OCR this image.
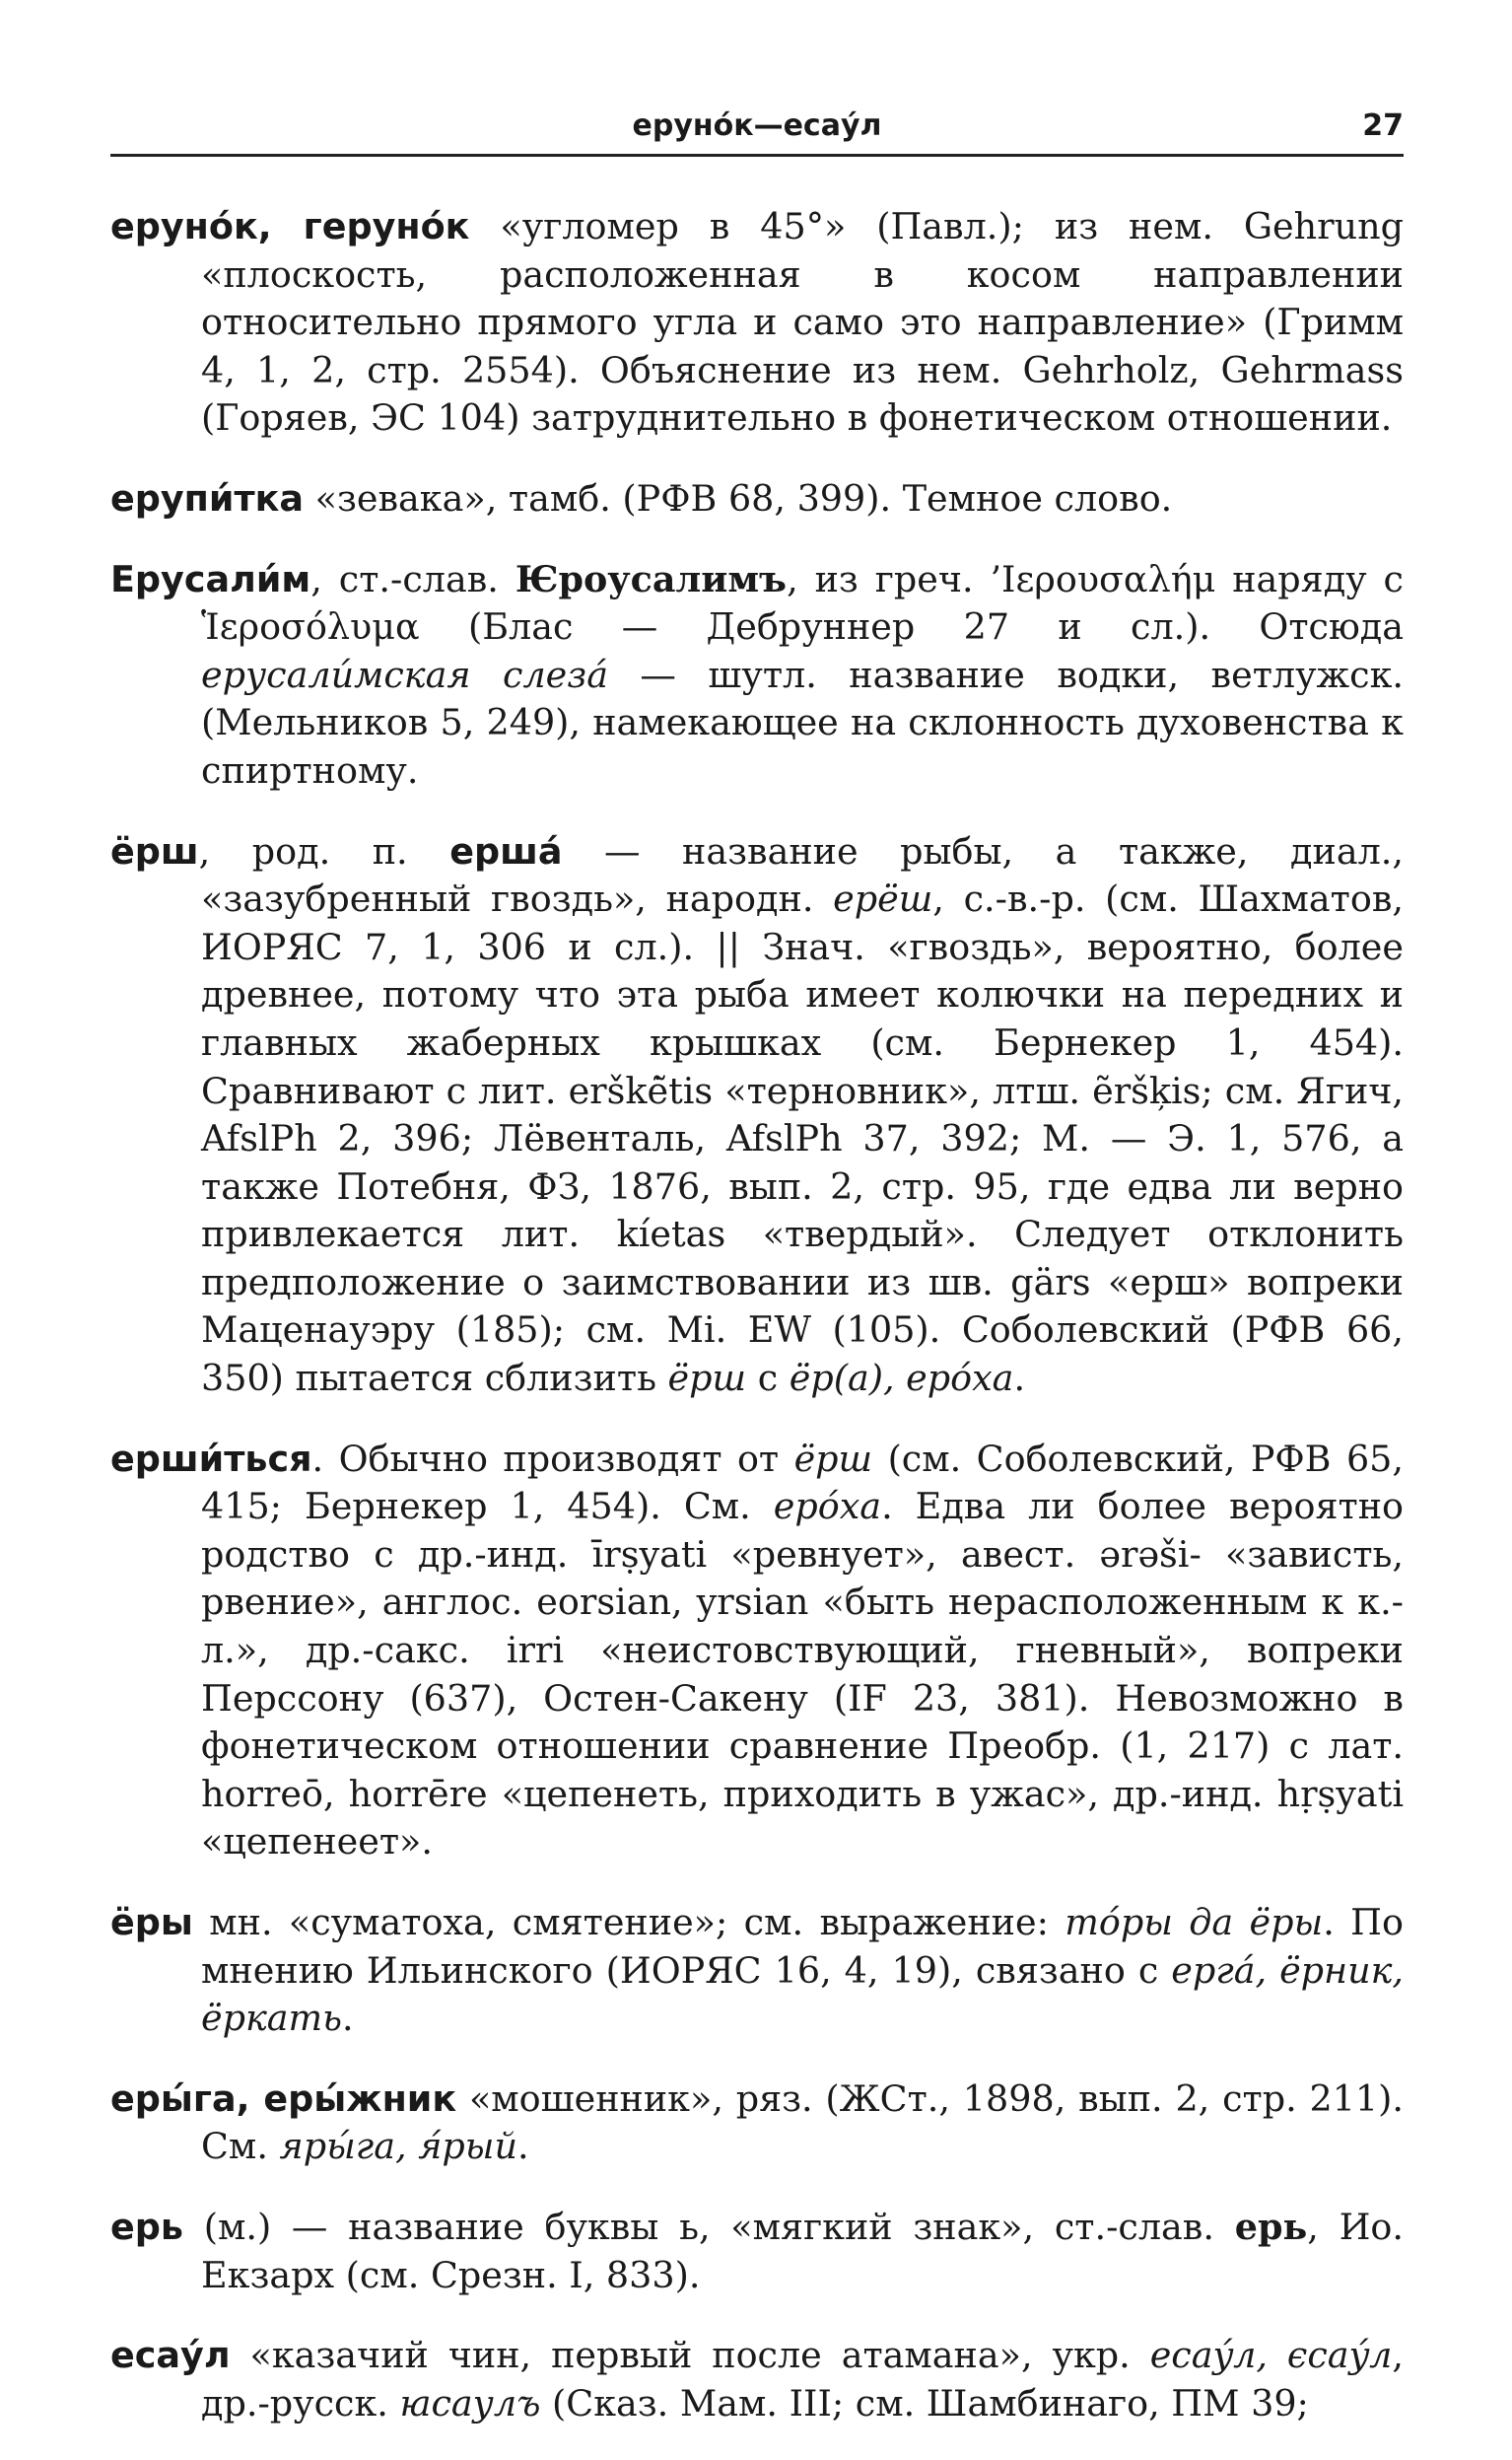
ерунóк—есаýл	27

ерунóк, герунóк «угломер в 45°» (Павл.); из нем. Gehrung «плоскость, расположенная в косом направлении относительно прямого угла и само это направление» (Гримм 4, 1, 2, стр. 2554). Объяснение из нем. Gehrholz, Gehrmass (Горяев, ЭС 104) затруднительно в фонетическом отношении.

ерупи́тка «зевака», тамб. (РФВ 68, 399). Темное слово.

Ерусали́м, ст.-слав. Ѥроусалимъ, из греч. ’Ιερουσαλήμ наряду с Ἱεροσόλυμα (Блас — Дебруннер 27 и сл.). Отсюда ерусали́мская слеза́ — шутл. название водки, ветлужск. (Мельников 5, 249), намекающее на склонность духовенства к спиртному.

ёрш, род. п. ерша́ — название рыбы, а также, диал., «зазубренный гвоздь», народн. ерёш, с.-в.-р. (см. Шахматов, ИОРЯС 7, 1, 306 и сл.). || Знач. «гвоздь», вероятно, более древнее, потому что эта рыба имеет колючки на передних и главных жаберных крышках (см. Бернекер 1, 454). Сравнивают с лит. erškė̃tis «терновник», лтш. ẽršķis; см. Ягич, AfslPh 2, 396; Лёвенталь, AfslPh 37, 392; М. — Э. 1, 576, а также Потебня, ФЗ, 1876, вып. 2, стр. 95, где едва ли верно привлекается лит. kíetas «твердый». Следует отклонить предположение о заимствовании из шв. gärs «ерш» вопреки Маценауэру (185); см. Mi. EW (105). Соболевский (РФВ 66, 350) пытается сблизить ёрш с ёр(а), ерóха.

ерши́ться. Обычно производят от ёрш (см. Соболевский, РФВ 65, 415; Бернекер 1, 454). См. ерóха. Едва ли более вероятно родство с др.-инд. īrṣyati «ревнует», авест. ərəši- «зависть, рвение», англос. eorsian, yrsian «быть нерасположенным к к.-л.», др.-сакс. irri «неистовствующий, гневный», вопреки Перссону (637), Остен-Сакену (IF 23, 381). Невозможно в фонетическом отношении сравнение Преобр. (1, 217) с лат. horreō, horrēre «цепенеть, приходить в ужас», др.-инд. hṛṣyati «цепенеет».

ёры мн. «суматоха, смятение»; см. выражение: тóры да ёры. По мнению Ильинского (ИОРЯС 16, 4, 19), связано с ерга́, ёрник, ёркать.

еры́га, еры́жник «мошенник», ряз. (ЖСт., 1898, вып. 2, стр. 211). См. яры́га, я́рый.

ерь (м.) — название буквы ь, «мягкий знак», ст.-слав. ерь, Ио. Екзарх (см. Срезн. I, 833).

есаýл «казачий чин, первый после атамана», укр. есаýл, єсаýл, др.-русск. ꙗсаулъ (Сказ. Мам. III; см. Шамбинаго, ПМ 39;
